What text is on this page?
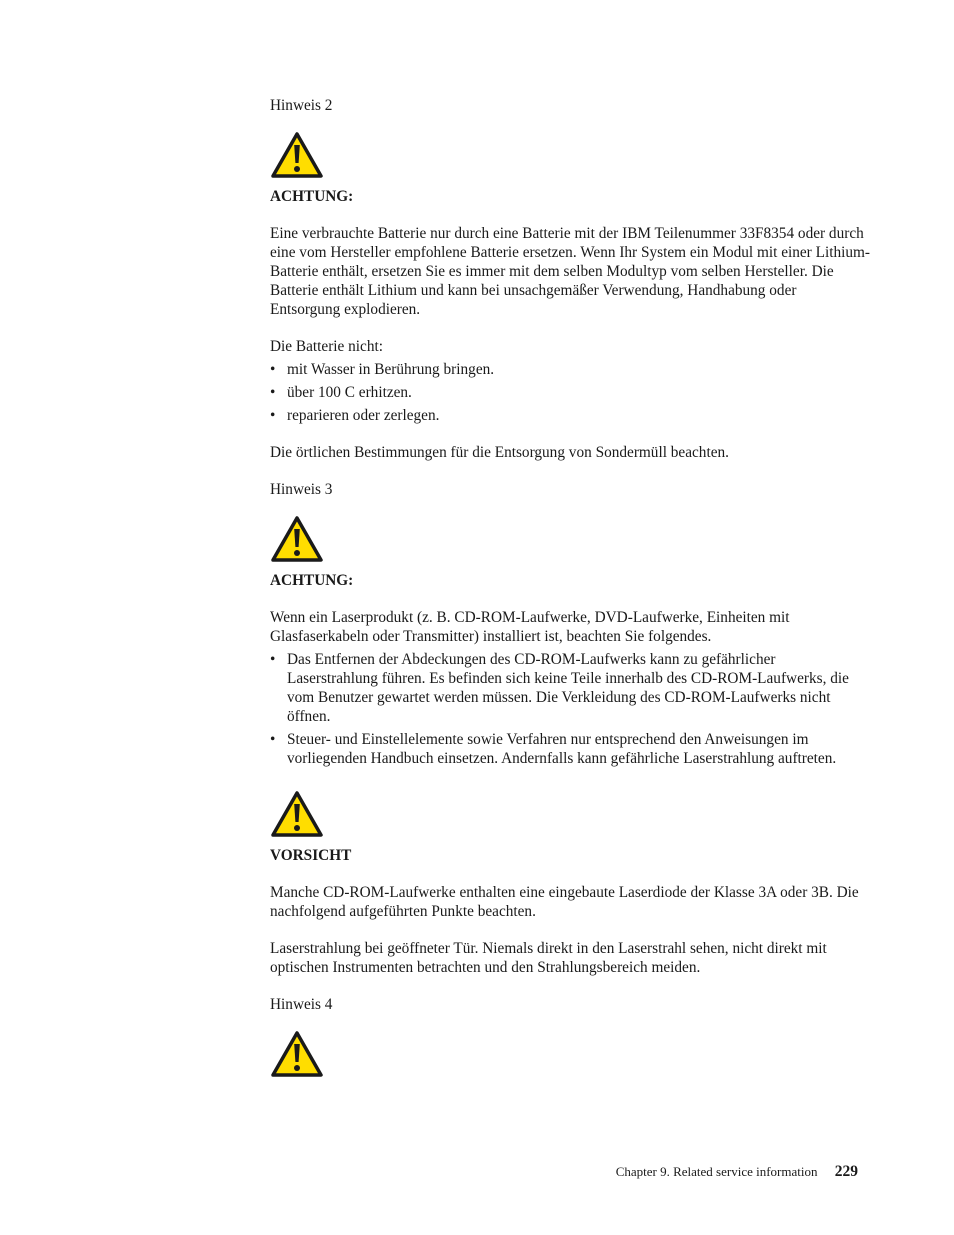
Hinweis 2
ACHTUNG:

Eine verbrauchte Batterie nur durch eine Batterie mit der IBM Teilenummer 33F8354 oder durch eine vom Hersteller empfohlene Batterie ersetzen. Wenn Ihr System ein Modul mit einer Lithium-Batterie enthält, ersetzen Sie es immer mit dem selben Modultyp vom selben Hersteller. Die Batterie enthält Lithium und kann bei unsachgemäßer Verwendung, Handhabung oder Entsorgung explodieren.

Die Batterie nicht:

• mit Wasser in Berührung bringen.
• über 100 C erhitzen.
• reparieren oder zerlegen.

Die örtlichen Bestimmungen für die Entsorgung von Sondermüll beachten.

Hinweis 3
ACHTUNG:

Wenn ein Laserprodukt (z. B. CD-ROM-Laufwerke, DVD-Laufwerke, Einheiten mit Glasfaserkabeln oder Transmitter) installiert ist, beachten Sie folgendes.

• Das Entfernen der Abdeckungen des CD-ROM-Laufwerks kann zu gefährlicher Laserstrahlung führen. Es befinden sich keine Teile innerhalb des CD-ROM-Laufwerks, die vom Benutzer gewartet werden müssen. Die Verkleidung des CD-ROM-Laufwerks nicht öffnen.
• Steuer- und Einstellelemente sowie Verfahren nur entsprechend den Anweisungen im vorliegenden Handbuch einsetzen. Andernfalls kann gefährliche Laserstrahlung auftreten.
VORSICHT

Manche CD-ROM-Laufwerke enthalten eine eingebaute Laserdiode der Klasse 3A oder 3B. Die nachfolgend aufgeführten Punkte beachten.

Laserstrahlung bei geöffneter Tür. Niemals direkt in den Laserstrahl sehen, nicht direkt mit optischen Instrumenten betrachten und den Strahlungsbereich meiden.

Hinweis 4
Chapter 9. Related service information 229
